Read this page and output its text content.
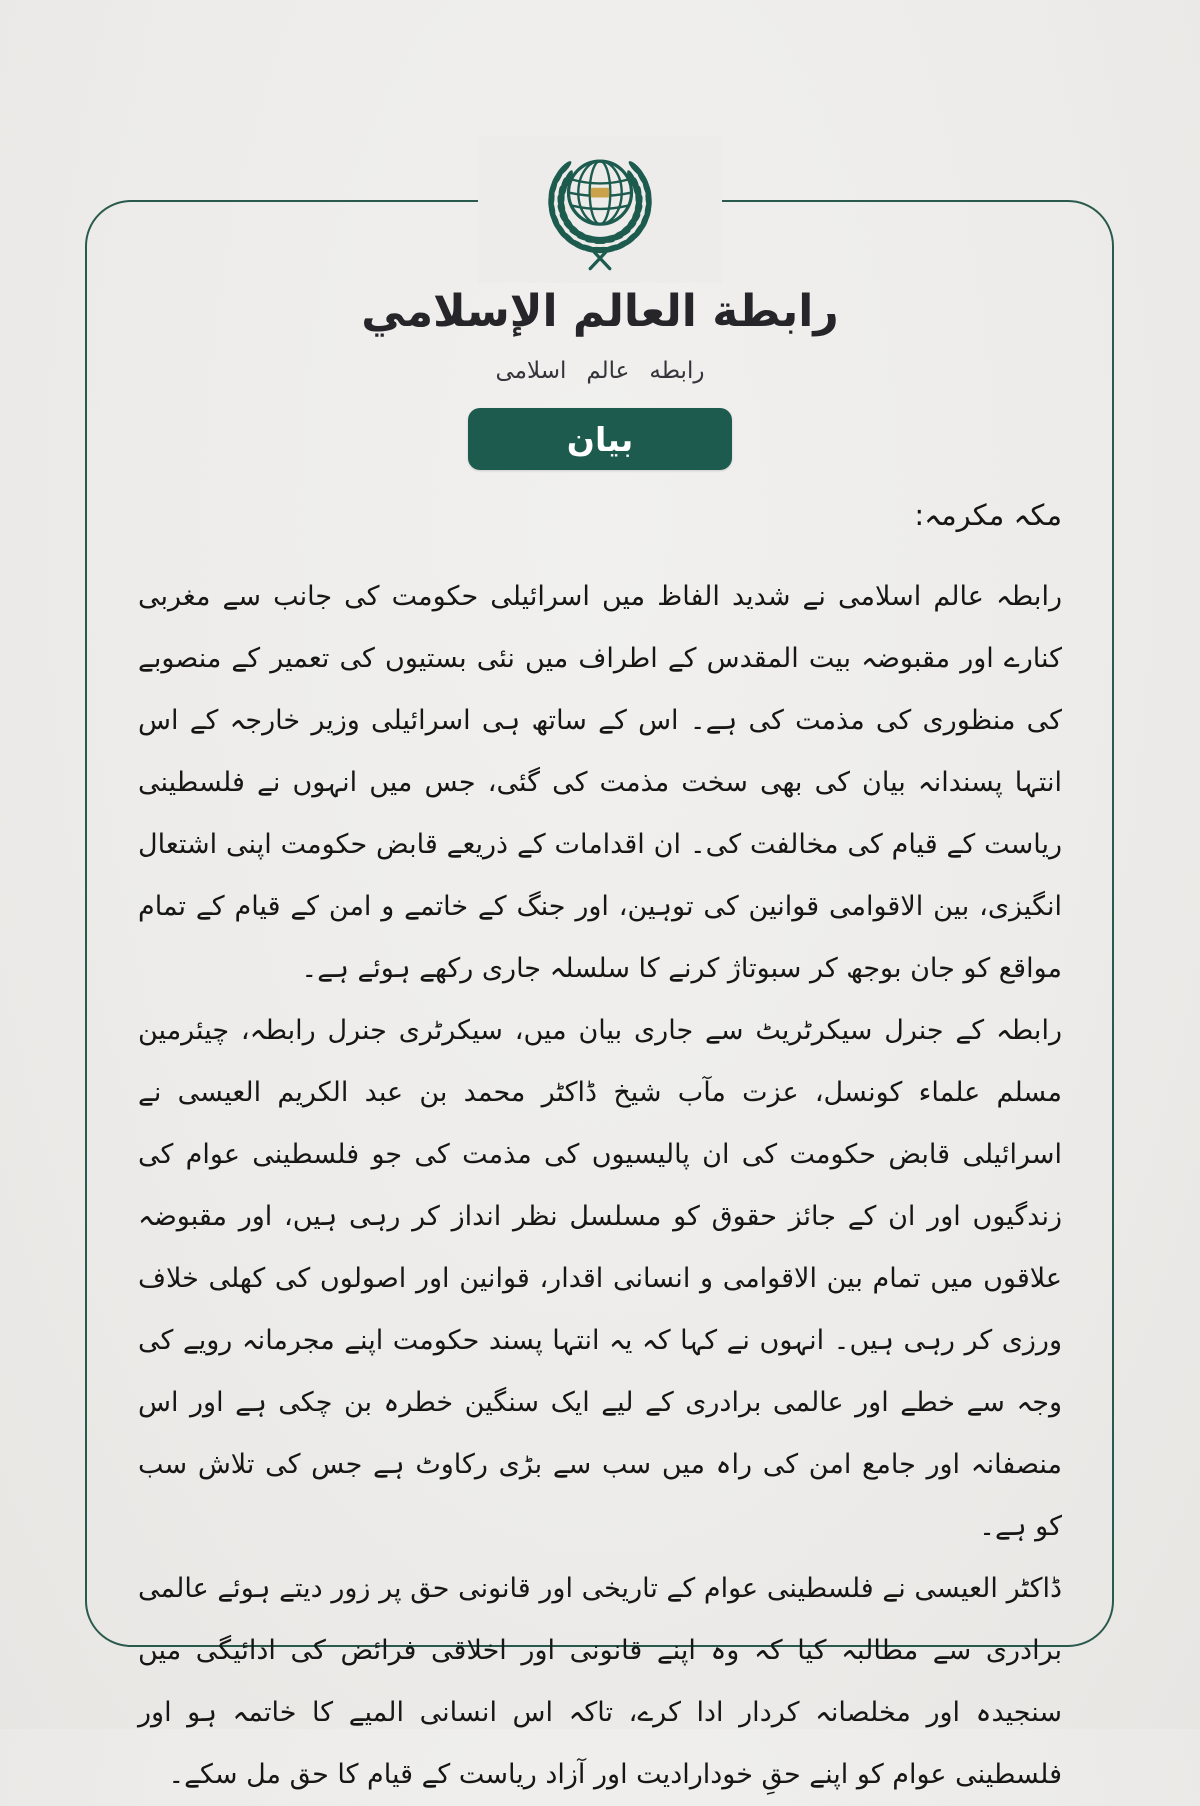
رابطة العالم الإسلامي
رابطه عالم اسلامی
بيان

مکہ مکرمہ:

رابطہ عالم اسلامی نے شدید الفاظ میں اسرائیلی حکومت کی جانب سے مغربی کنارے اور مقبوضہ بیت المقدس کے اطراف میں نئی بستیوں کی تعمیر کے منصوبے کی منظوری کی مذمت کی ہے۔ اس کے ساتھ ہی اسرائیلی وزیر خارجہ کے اس انتہا پسندانہ بیان کی بھی سخت مذمت کی گئی، جس میں انہوں نے فلسطینی ریاست کے قیام کی مخالفت کی۔ ان اقدامات کے ذریعے قابض حکومت اپنی اشتعال انگیزی، بین الاقوامی قوانین کی توہین، اور جنگ کے خاتمے و امن کے قیام کے تمام مواقع کو جان بوجھ کر سبوتاژ کرنے کا سلسلہ جاری رکھے ہوئے ہے۔

رابطہ کے جنرل سیکرٹریٹ سے جاری بیان میں، سیکرٹری جنرل رابطہ، چیئرمین مسلم علماء کونسل، عزت مآب شیخ ڈاکٹر محمد بن عبد الکریم العیسی نے اسرائیلی قابض حکومت کی ان پالیسیوں کی مذمت کی جو فلسطینی عوام کی زندگیوں اور ان کے جائز حقوق کو مسلسل نظر انداز کر رہی ہیں، اور مقبوضہ علاقوں میں تمام بین الاقوامی و انسانی اقدار، قوانین اور اصولوں کی کھلی خلاف ورزی کر رہی ہیں۔ انہوں نے کہا کہ یہ انتہا پسند حکومت اپنے مجرمانہ رویے کی وجہ سے خطے اور عالمی برادری کے لیے ایک سنگین خطرہ بن چکی ہے اور اس منصفانہ اور جامع امن کی راہ میں سب سے بڑی رکاوٹ ہے جس کی تلاش سب کو ہے۔

ڈاکٹر العیسی نے فلسطینی عوام کے تاریخی اور قانونی حق پر زور دیتے ہوئے عالمی برادری سے مطالبہ کیا کہ وہ اپنے قانونی اور اخلاقی فرائض کی ادائیگی میں سنجیدہ اور مخلصانہ کردار ادا کرے، تاکہ اس انسانی المیے کا خاتمہ ہو اور فلسطینی عوام کو اپنے حقِ خودارادیت اور آزاد ریاست کے قیام کا حق مل سکے۔
